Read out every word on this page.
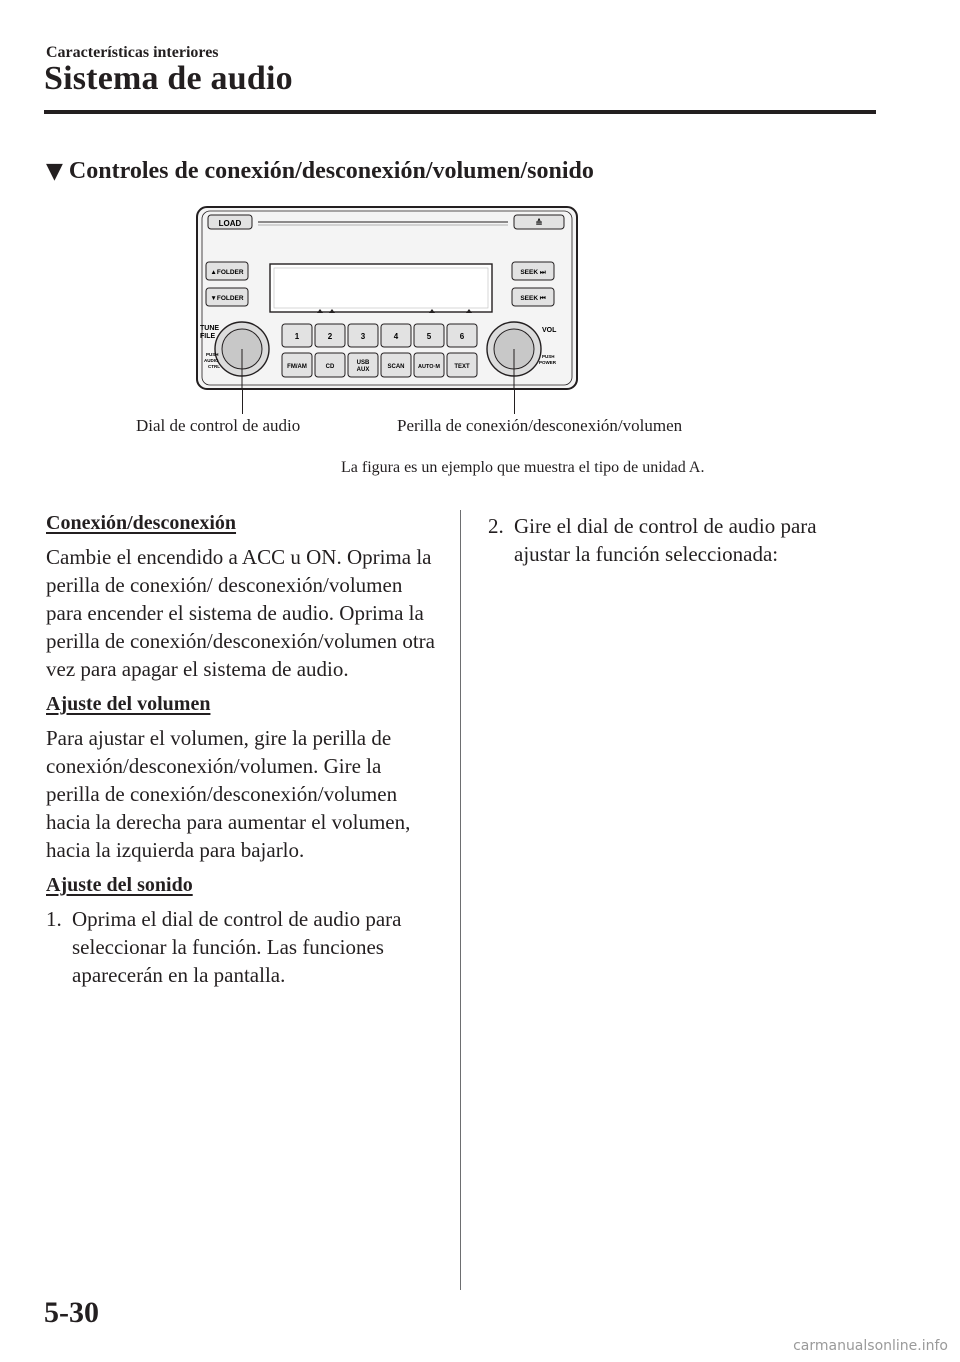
Características interiores
Sistema de audio
▼ Controles de conexión/desconexión/volumen/sonido
LOAD	≙
▲FOLDER
▼FOLDER
SEEK ⏭
SEEK ⏮
TUNE
FILE
PUSH
AUDIO
CTRL
VOL
PUSH
POWER
1	2	3	4	5	6
FM/AM	CD
USB
AUX	SCAN AUTO·M TEXT
Dial de control de audio	Perilla de conexión/desconexión/volumen
La figura es un ejemplo que muestra el tipo de unidad A.
Conexión/desconexión
Cambie el encendido a ACC u ON. Oprima la perilla de conexión/ desconexión/volumen para encender el sistema de audio. Oprima la perilla de conexión/desconexión/volumen otra vez para apagar el sistema de audio.
Ajuste del volumen
Para ajustar el volumen, gire la perilla de conexión/desconexión/volumen. Gire la perilla de conexión/desconexión/volumen hacia la derecha para aumentar el volumen, hacia la izquierda para bajarlo.
Ajuste del sonido
1. Oprima el dial de control de audio para seleccionar la función. Las funciones aparecerán en la pantalla.
2. Gire el dial de control de audio para ajustar la función seleccionada:
5-30
carmanualsonline.info
